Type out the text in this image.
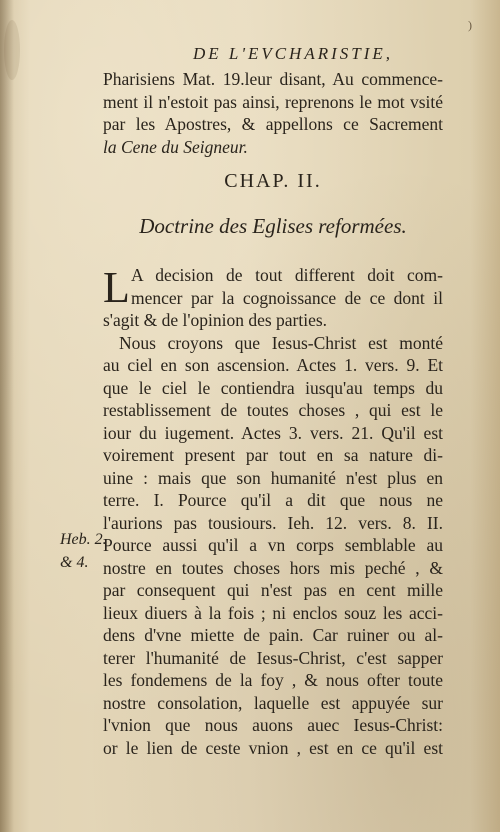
)
DE L'EVCHARISTIE,
Pharisiens Mat. 19.leur disant, Au commence-
ment il n'estoit pas ainsi, reprenons le mot vsité
par les Apostres, & appellons ce Sacrement
la Cene du Seigneur.
CHAP. II.
Doctrine des Eglises reformées.
L A decision de tout different doit com-
mencer par la cognoissance de ce dont il
s'agit & de l'opinion des parties.
Nous croyons que Iesus-Christ est monté
au ciel en son ascension. Actes 1. vers. 9. Et
que le ciel le contiendra iusqu'au temps du
restablissement de toutes choses , qui est le
iour du iugement. Actes 3. vers. 21. Qu'il est
voirement present par tout en sa nature di-
uine : mais que son humanité n'est plus en
terre. I. Pource qu'il a dit que nous ne
l'aurions pas tousiours. Ieh. 12. vers. 8. II.
Pource aussi qu'il a vn corps semblable au
nostre en toutes choses hors mis peché , &
par consequent qui n'est pas en cent mille
lieux diuers à la fois ; ni enclos souz les acci-
dens d'vne miette de pain. Car ruiner ou al-
terer l'humanité de Iesus-Christ, c'est sapper
les fondemens de la foy , & nous ofter toute
nostre consolation, laquelle est appuyée sur
l'vnion que nous auons auec Iesus-Christ:
or le lien de ceste vnion , est en ce qu'il est
Heb. 2.
& 4.
